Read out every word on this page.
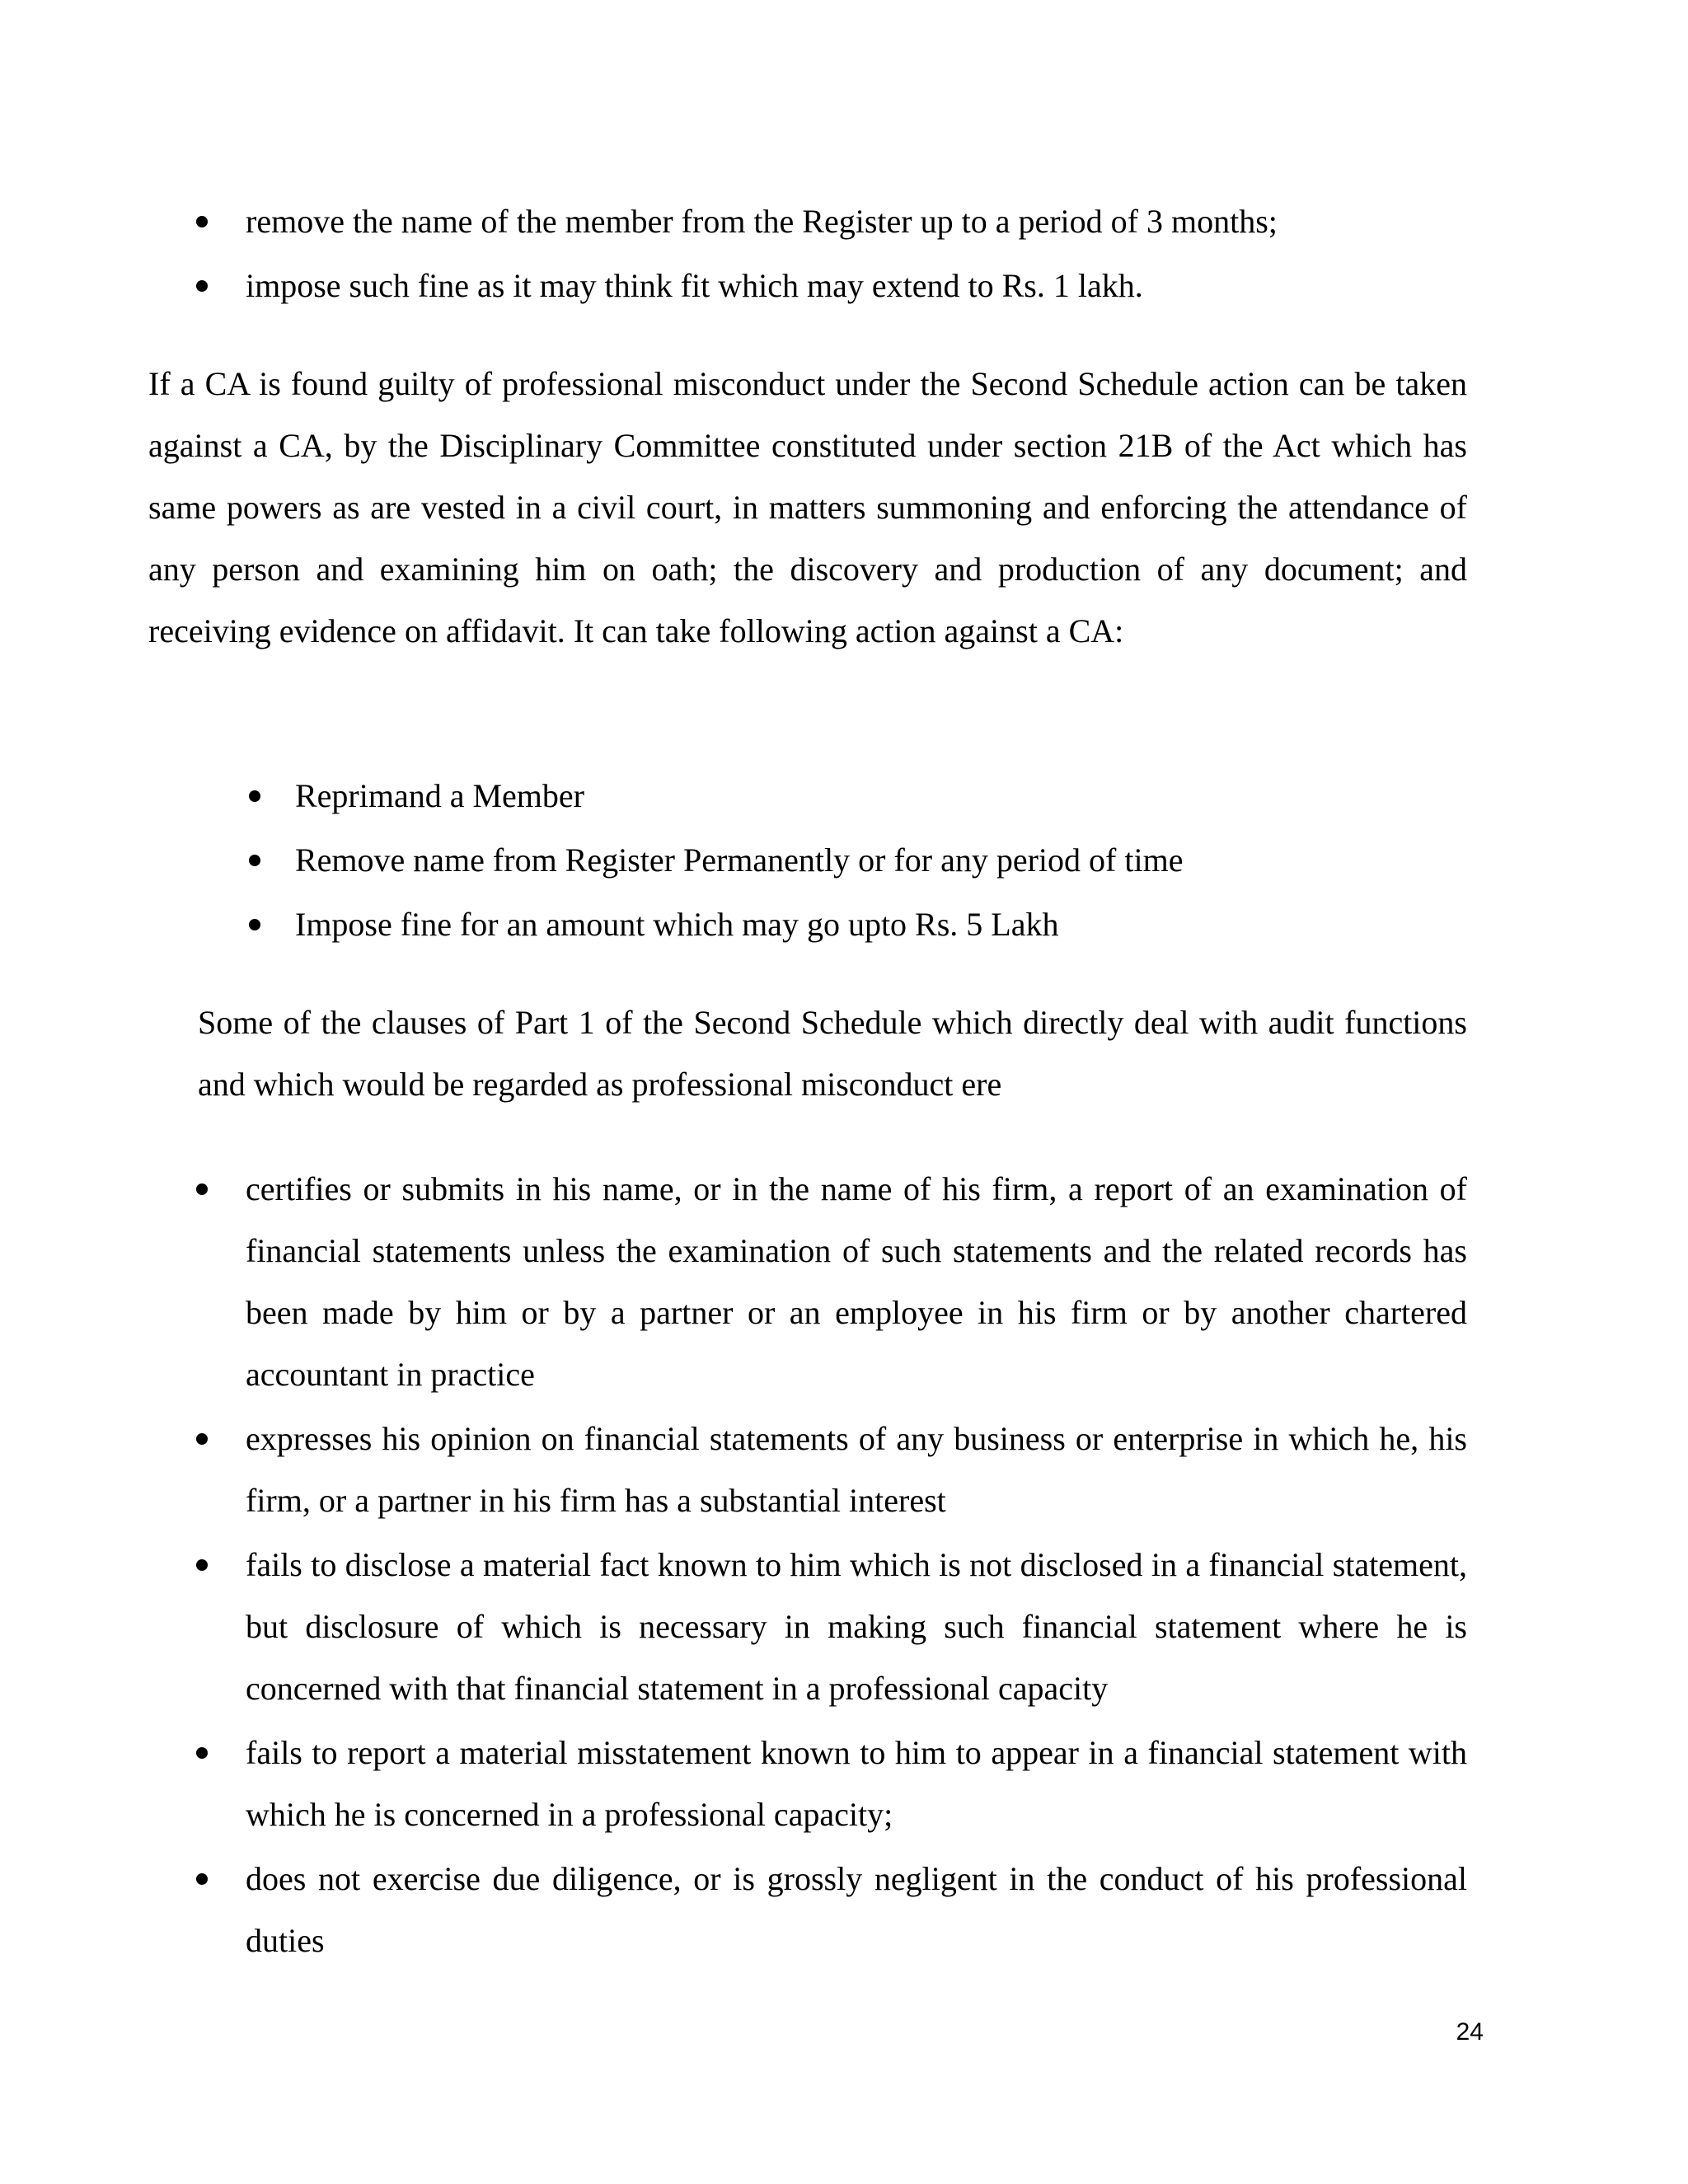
remove the name of the member from the Register up to a period of 3 months;
impose such fine as it may think fit which may extend to Rs. 1 lakh.

If a CA is found guilty of professional misconduct under the Second Schedule action can be taken against a CA, by the Disciplinary Committee constituted under section 21B of the Act which has same powers as are vested in a civil court, in matters summoning and enforcing the attendance of any person and examining him on oath; the discovery and production of any document; and receiving evidence on affidavit. It can take following action against a CA:

Reprimand a Member
Remove name from Register Permanently or for any period of time
Impose fine for an amount which may go upto Rs. 5 Lakh

Some of the clauses of Part 1 of the Second Schedule which directly deal with audit functions and which would be regarded as professional misconduct ere

certifies or submits in his name, or in the name of his firm, a report of an examination of financial statements unless the examination of such statements and the related records has been made by him or by a partner or an employee in his firm or by another chartered accountant in practice
expresses his opinion on financial statements of any business or enterprise in which he, his firm, or a partner in his firm has a substantial interest
fails to disclose a material fact known to him which is not disclosed in a financial statement, but disclosure of which is necessary in making such financial statement where he is concerned with that financial statement in a professional capacity
fails to report a material misstatement known to him to appear in a financial statement with which he is concerned in a professional capacity;
does not exercise due diligence, or is grossly negligent in the conduct of his professional duties
24
